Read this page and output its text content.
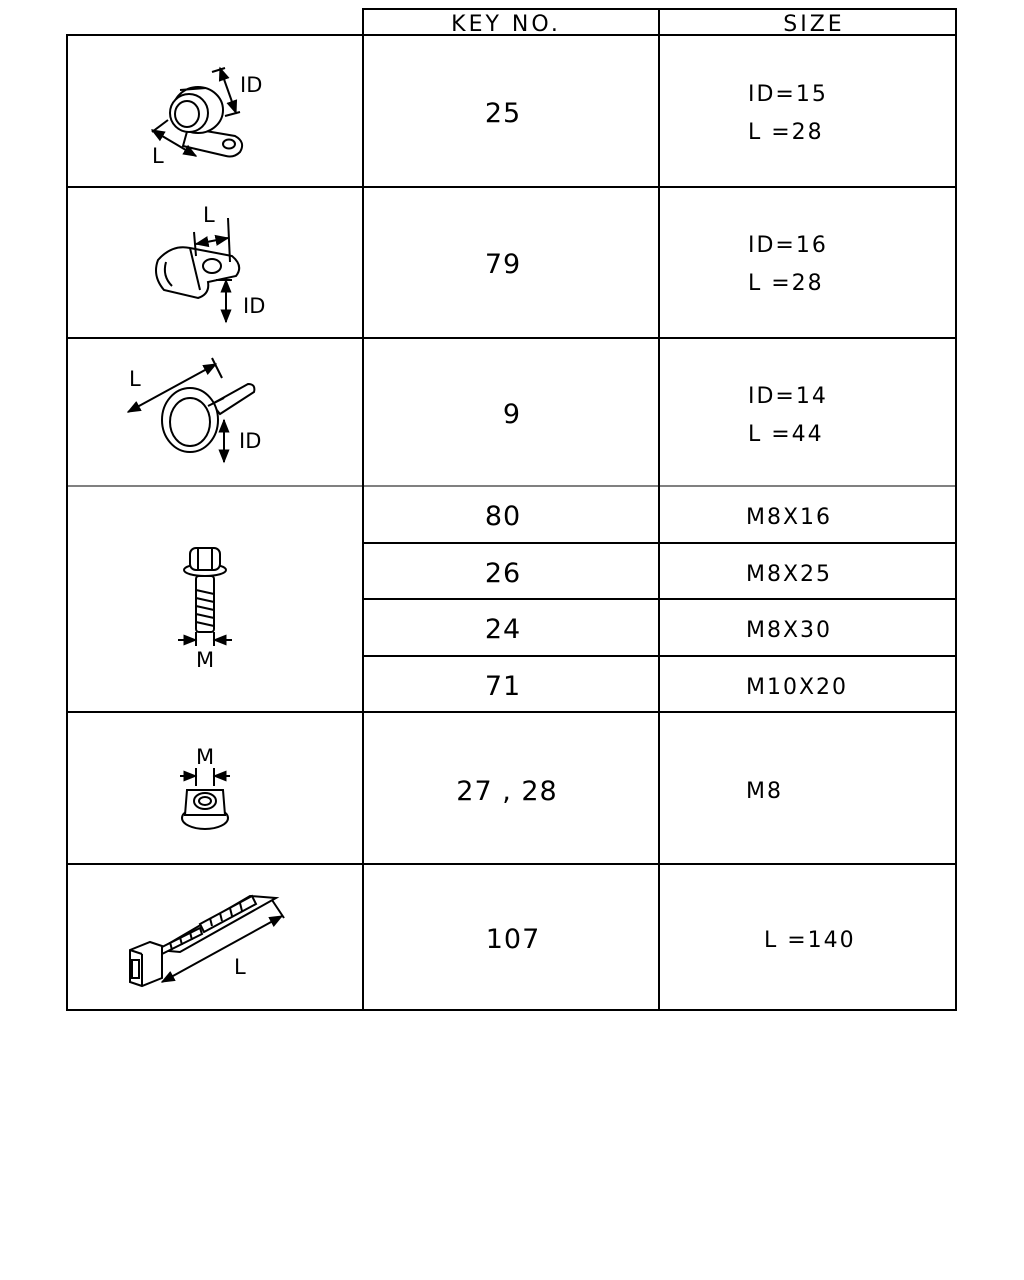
KEY NO.	SIZE
25
79
9
80
26
24
71
27 , 28
107
ID=15
L =28
ID=16
L =28
ID=14
L =44
M8X16
M8X25
M8X30
M10X20
M8
L =140
ID
L
L
ID
L
ID
M
M
L
